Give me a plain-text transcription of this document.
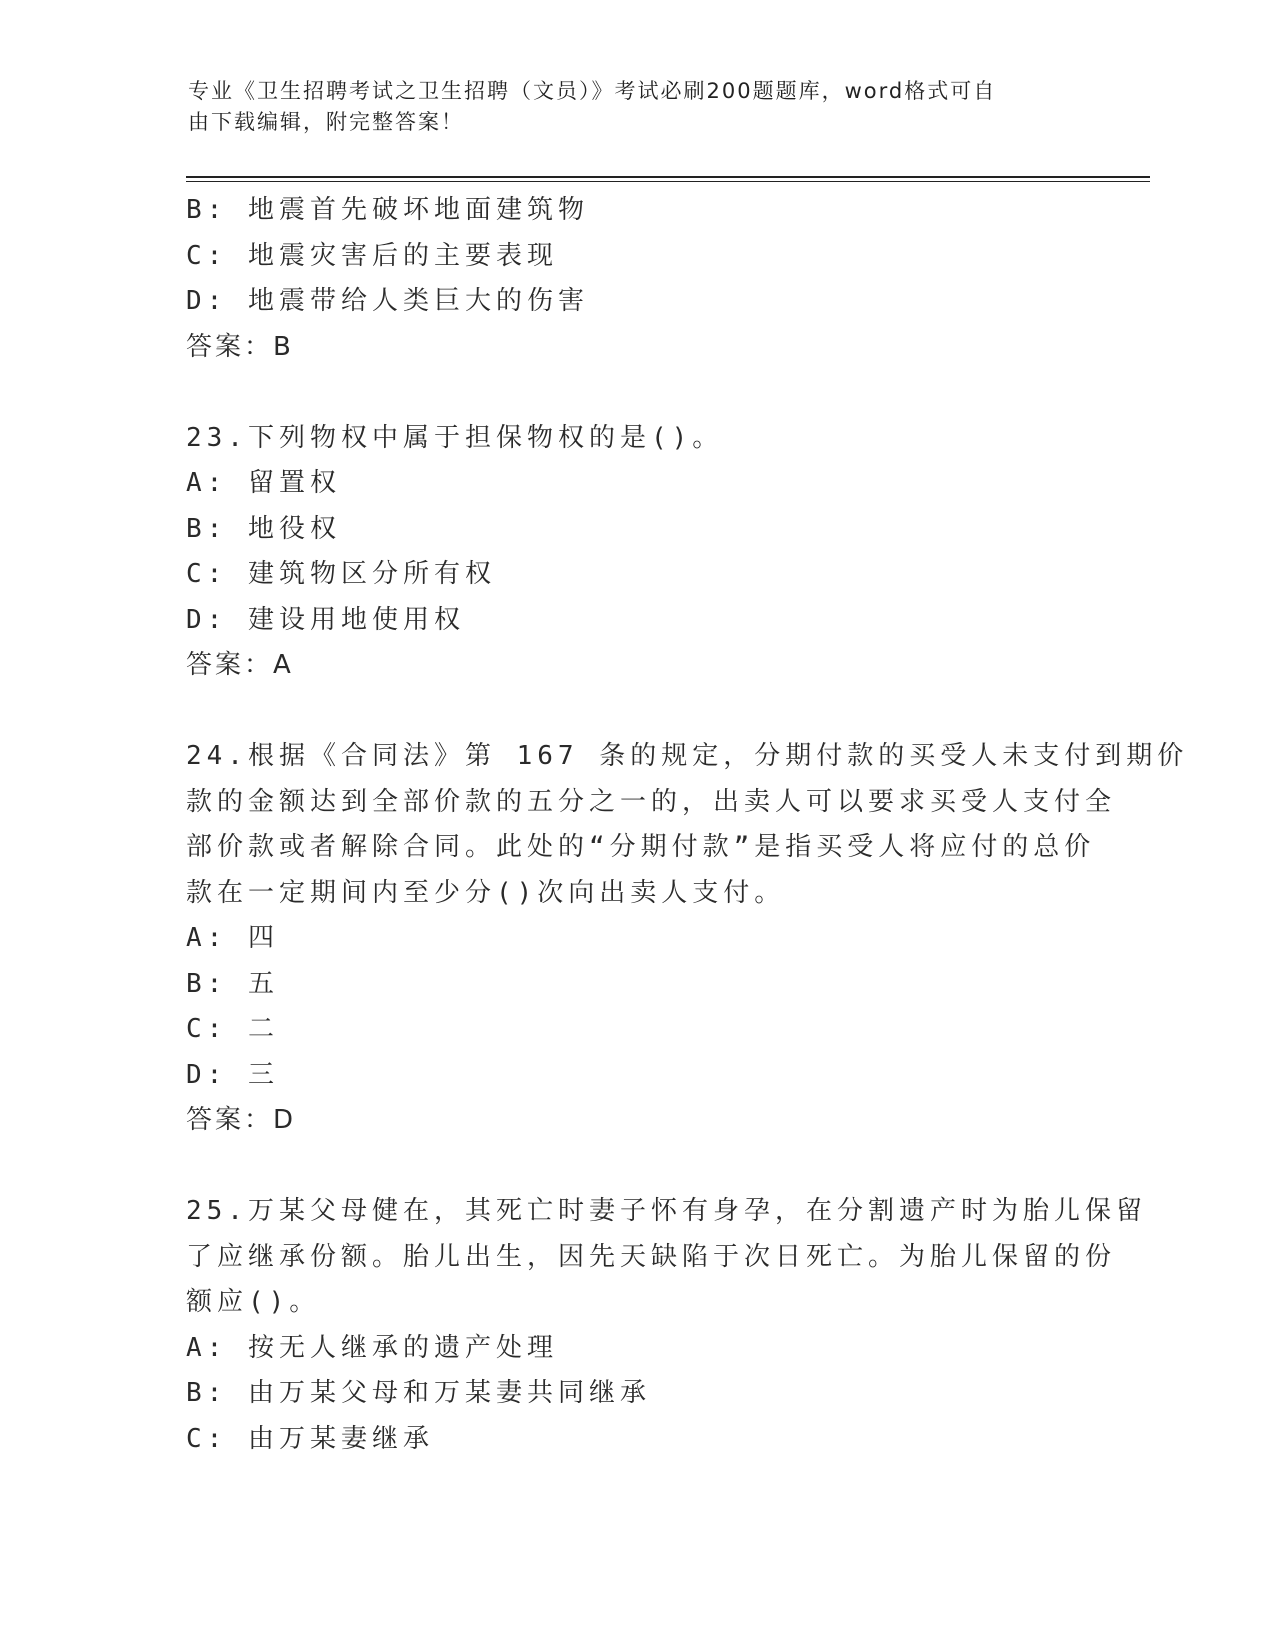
专业《卫生招聘考试之卫生招聘（文员）》考试必刷200题题库，word格式可自
由下载编辑，附完整答案！
B: 地震首先破坏地面建筑物
C: 地震灾害后的主要表现
D: 地震带给人类巨大的伤害
答案：B
23.下列物权中属于担保物权的是()。
A: 留置权
B: 地役权
C: 建筑物区分所有权
D: 建设用地使用权
答案：A
24.根据《合同法》第 167 条的规定，分期付款的买受人未支付到期价
款的金额达到全部价款的五分之一的，出卖人可以要求买受人支付全
部价款或者解除合同。此处的“分期付款”是指买受人将应付的总价
款在一定期间内至少分()次向出卖人支付。
A: 四
B: 五
C: 二
D: 三
答案：D
25.万某父母健在，其死亡时妻子怀有身孕，在分割遗产时为胎儿保留
了应继承份额。胎儿出生，因先天缺陷于次日死亡。为胎儿保留的份
额应()。
A: 按无人继承的遗产处理
B: 由万某父母和万某妻共同继承
C: 由万某妻继承
